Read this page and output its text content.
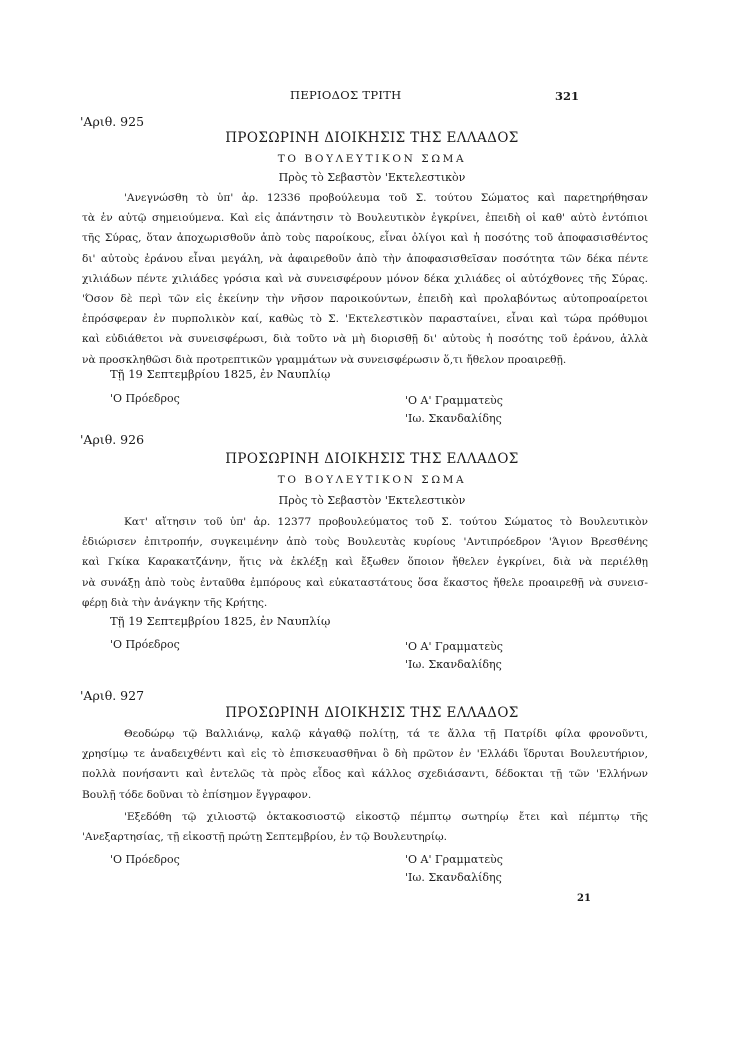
ΠΕΡΙΟΔΟΣ ΤΡΙΤΗ	321
'Αριθ. 925
ΠΡΟΣΩΡΙΝΗ ΔΙΟΙΚΗΣΙΣ ΤΗΣ ΕΛΛΑΔΟΣ
ΤΟ ΒΟΥΛΕΥΤΙΚΟΝ ΣΩΜΑ
Πρὸς τὸ Σεβαστὸν 'Εκτελεστικὸν
'Ανεγνώσθη τὸ ὑπ' ἀρ. 12336 προβούλευμα τοῦ Σ. τούτου Σώματος καὶ παρετηρήθησαν
τὰ ἐν αὐτῷ σημειούμενα. Καὶ εἰς ἀπάντησιν τὸ Βουλευτικὸν ἐγκρίνει, ἐπειδὴ οἱ καθ' αὐτὸ ἐντόπιοι
τῆς Σύρας, ὅταν ἀποχωρισθοῦν ἀπὸ τοὺς παροίκους, εἶναι ὀλίγοι καὶ ἡ ποσότης τοῦ ἀποφασισθέντος
δι' αὐτοὺς ἐράνου εἶναι μεγάλη, νὰ ἀφαιρεθοῦν ἀπὸ τὴν ἀποφασισθεῖσαν ποσότητα τῶν δέκα πέντε
χιλιάδων πέντε χιλιάδες γρόσια καὶ νὰ συνεισφέρουν μόνον δέκα χιλιάδες οἱ αὐτόχθονες τῆς Σύρας.
'Όσον δὲ περὶ τῶν εἰς ἐκείνην τὴν νῆσον παροικούντων, ἐπειδὴ καὶ προλαβόντως αὐτοπροαίρετοι
ἐπρόσφεραν ἐν πυρπολικὸν καί, καθὼς τὸ Σ. 'Εκτελεστικὸν παρασταίνει, εἶναι καὶ τώρα πρόθυμοι
καὶ εὐδιάθετοι νὰ συνεισφέρωσι, διὰ τοῦτο νὰ μὴ διορισθῇ δι' αὐτοὺς ἡ ποσότης τοῦ ἐράνου, ἀλλὰ
νὰ προσκληθῶσι διὰ προτρεπτικῶν γραμμάτων νὰ συνεισφέρωσιν ὅ,τι ἤθελον προαιρεθῇ.
Τῇ 19 Σεπτεμβρίου 1825, ἐν Ναυπλίῳ
'Ο Πρόεδρος	'Ο Α' Γραμματεὺς
'Ιω. Σκανδαλίδης
'Αριθ. 926
ΠΡΟΣΩΡΙΝΗ ΔΙΟΙΚΗΣΙΣ ΤΗΣ ΕΛΛΑΔΟΣ
ΤΟ ΒΟΥΛΕΥΤΙΚΟΝ ΣΩΜΑ
Πρὸς τὸ Σεβαστὸν 'Εκτελεστικὸν
Κατ' αἴτησιν τοῦ ὑπ' ἀρ. 12377 προβουλεύματος τοῦ Σ. τούτου Σώματος τὸ Βουλευτικὸν
ἐδιώρισεν ἐπιτροπήν, συγκειμένην ἀπὸ τοὺς Βουλευτὰς κυρίους 'Αντιπρόεδρον 'Άγιον Βρεσθένης
καὶ Γκίκα Καρακατζάνην, ἥτις νὰ ἐκλέξῃ καὶ ἔξωθεν ὅποιον ἤθελεν ἐγκρίνει, διὰ νὰ περιέλθῃ
νὰ συνάξῃ ἀπὸ τοὺς ἐνταῦθα ἐμπόρους καὶ εὐκαταστάτους ὅσα ἕκαστος ἤθελε προαιρεθῇ νὰ συνεισ-
φέρῃ διὰ τὴν ἀνάγκην τῆς Κρήτης.
Τῇ 19 Σεπτεμβρίου 1825, ἐν Ναυπλίῳ
'Ο Πρόεδρος	'Ο Α' Γραμματεὺς
'Ιω. Σκανδαλίδης
'Αριθ. 927
ΠΡΟΣΩΡΙΝΗ ΔΙΟΙΚΗΣΙΣ ΤΗΣ ΕΛΛΑΔΟΣ
Θεοδώρῳ τῷ Βαλλιάνῳ, καλῷ κἀγαθῷ πολίτῃ, τά τε ἄλλα τῇ Πατρίδι φίλα φρονοῦντι,
χρησίμῳ τε ἀναδειχθέντι καὶ εἰς τὸ ἐπισκευασθῆναι ὃ δὴ πρῶτον ἐν 'Ελλάδι ἵδρυται Βουλευτήριον,
πολλὰ πονήσαντι καὶ ἐντελῶς τὰ πρὸς εἶδος καὶ κάλλος σχεδιάσαντι, δέδοκται τῇ τῶν 'Ελλήνων
Βουλῇ τόδε δοῦναι τὸ ἐπίσημον ἔγγραφον.
'Εξεδόθη τῷ χιλιοστῷ ὀκτακοσιοστῷ εἰκοστῷ πέμπτῳ σωτηρίῳ ἔτει καὶ πέμπτῳ τῆς
'Ανεξαρτησίας, τῇ εἰκοστῇ πρώτῃ Σεπτεμβρίου, ἐν τῷ Βουλευτηρίῳ.
'Ο Πρόεδρος	'Ο Α' Γραμματεὺς
'Ιω. Σκανδαλίδης
21
